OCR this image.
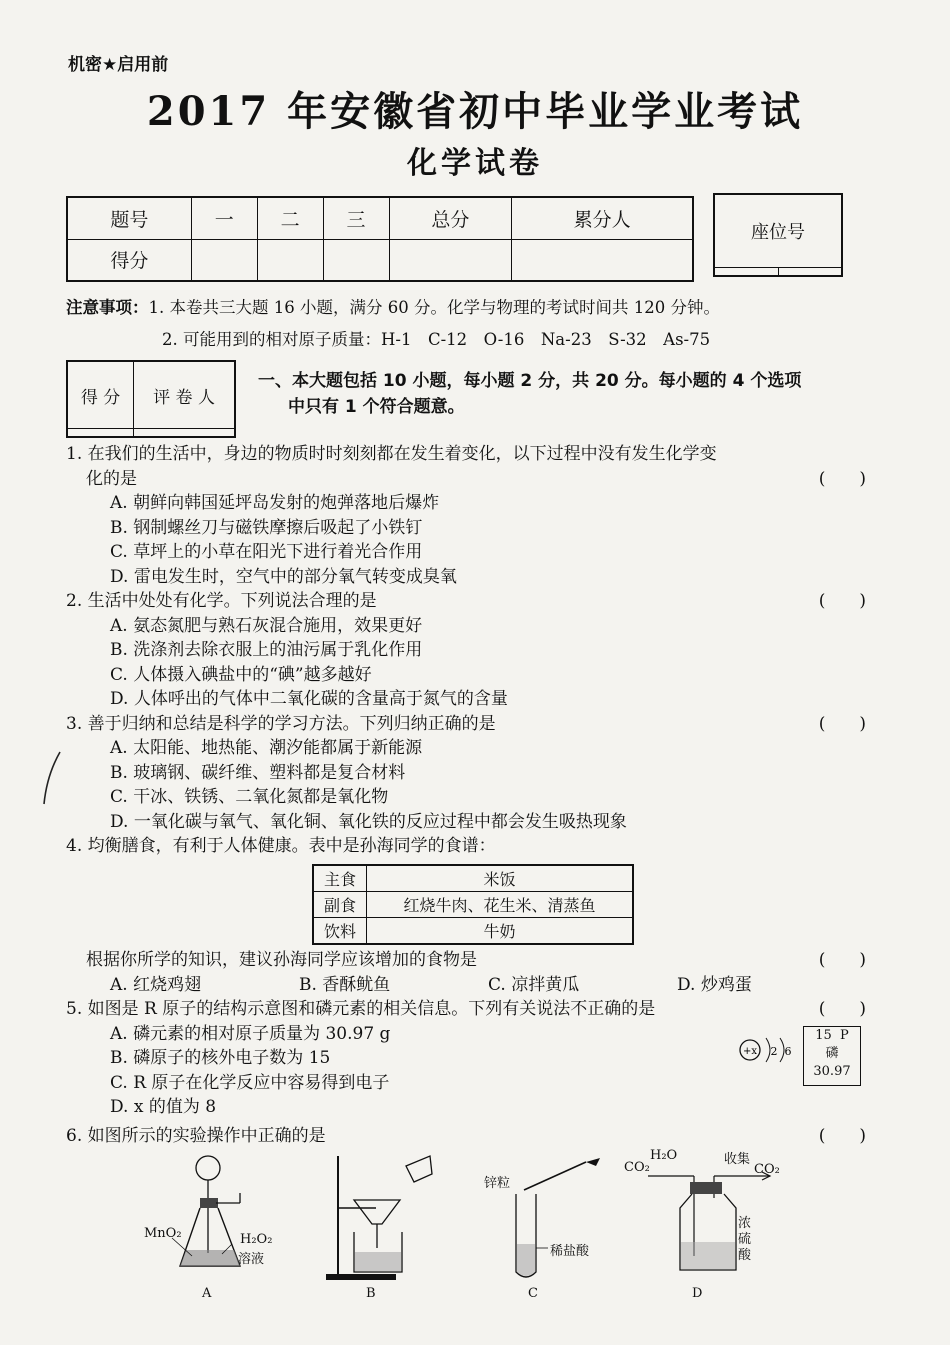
机密★启用前
2017 年安徽省初中毕业学业考试
化学试卷
题号	一	二	三	总分	累分人
得分					
座位号

注意事项：1. 本卷共三大题 16 小题，满分 60 分。化学与物理的考试时间共 120 分钟。
2. 可能用到的相对原子质量：H-1　C-12　O-16　Na-23　S-32　As-75
得 分	评 卷 人

一、本大题包括 10 小题，每小题 2 分，共 20 分。每小题的 4 个选项
中只有 1 个符合题意。
1. 在我们的生活中，身边的物质时时刻刻都在发生着变化，以下过程中没有发生化学变
化的是	(　　)
A. 朝鲜向韩国延坪岛发射的炮弹落地后爆炸
B. 钢制螺丝刀与磁铁摩擦后吸起了小铁钉
C. 草坪上的小草在阳光下进行着光合作用
D. 雷电发生时，空气中的部分氧气转变成臭氧
2. 生活中处处有化学。下列说法合理的是	(　　)
A. 氨态氮肥与熟石灰混合施用，效果更好
B. 洗涤剂去除衣服上的油污属于乳化作用
C. 人体摄入碘盐中的“碘”越多越好
D. 人体呼出的气体中二氧化碳的含量高于氮气的含量
3. 善于归纳和总结是科学的学习方法。下列归纳正确的是	(　　)
A. 太阳能、地热能、潮汐能都属于新能源
B. 玻璃钢、碳纤维、塑料都是复合材料
C. 干冰、铁锈、二氧化氮都是氧化物
D. 一氧化碳与氧气、氧化铜、氧化铁的反应过程中都会发生吸热现象
4. 均衡膳食，有利于人体健康。表中是孙海同学的食谱：
主食	米饭
副食	红烧牛肉、花生米、清蒸鱼
饮料	牛奶
根据你所学的知识，建议孙海同学应该增加的食物是	(　　)
A. 红烧鸡翅	B. 香酥鱿鱼	C. 凉拌黄瓜	D. 炒鸡蛋
5. 如图是 R 原子的结构示意图和磷元素的相关信息。下列有关说法不正确的是	(　　)
A. 磷元素的相对原子质量为 30.97 g
B. 磷原子的核外电子数为 15
C. R 原子在化学反应中容易得到电子
D. x 的值为 8
6. 如图所示的实验操作中正确的是	(　　)
+x 2 6
15 P
磷
30.97
MnO₂	H₂O₂
溶液
A	B
锌粒
稀盐酸
C
CO₂
H₂O	收集
CO₂
浓
硫
酸
D
